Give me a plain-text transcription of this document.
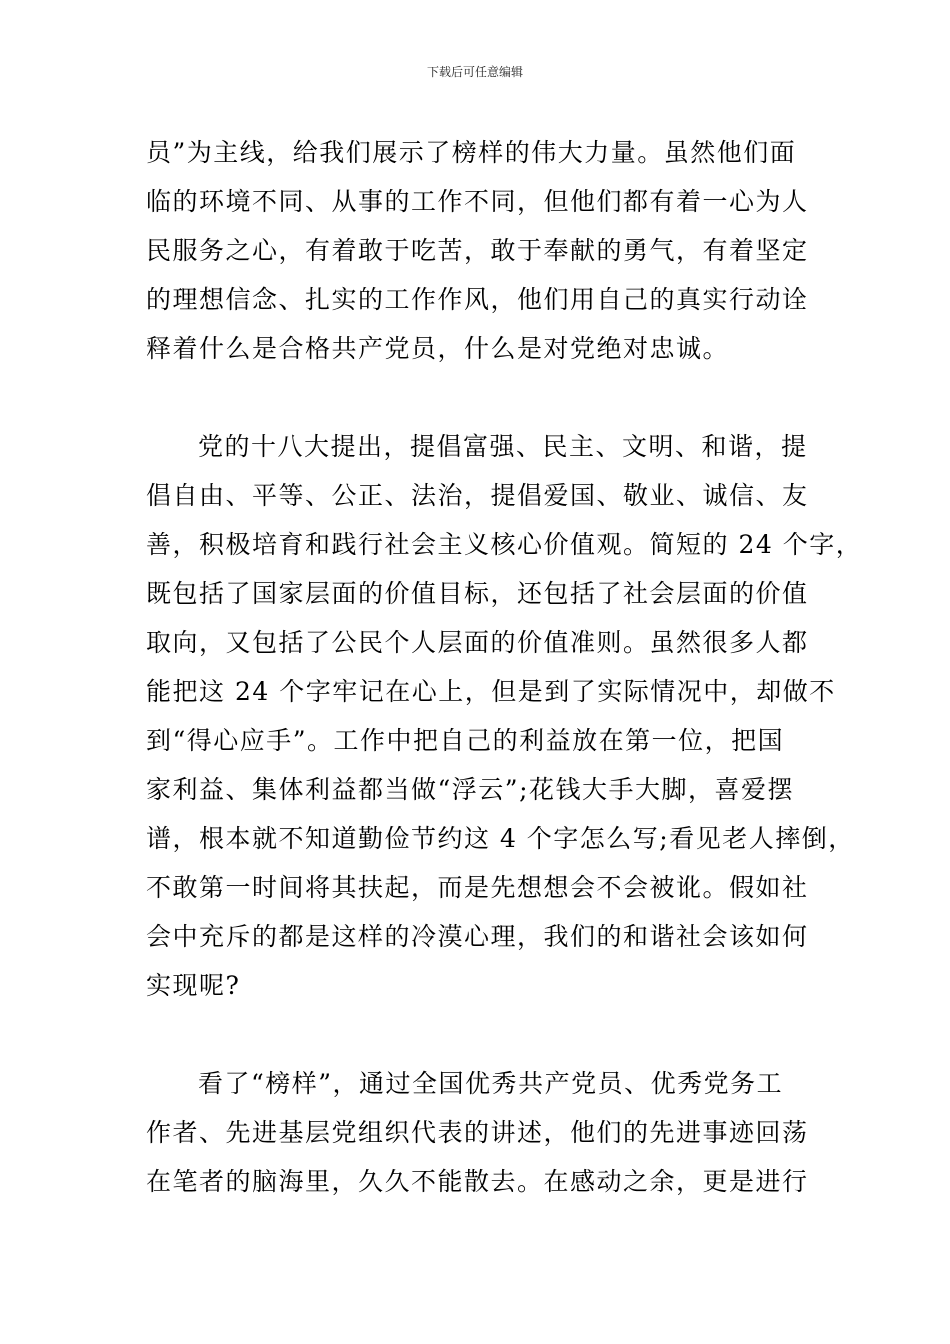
下载后可任意编辑
员”为主线，给我们展示了榜样的伟大力量。虽然他们面
临的环境不同、从事的工作不同，但他们都有着一心为人
民服务之心，有着敢于吃苦，敢于奉献的勇气，有着坚定
的理想信念、扎实的工作作风，他们用自己的真实行动诠
释着什么是合格共产党员，什么是对党绝对忠诚。
党的十八大提出，提倡富强、民主、文明、和谐，提
倡自由、平等、公正、法治，提倡爱国、敬业、诚信、友
善，积极培育和践行社会主义核心价值观。简短的 24 个字，
既包括了国家层面的价值目标，还包括了社会层面的价值
取向，又包括了公民个人层面的价值准则。虽然很多人都
能把这 24 个字牢记在心上，但是到了实际情况中，却做不
到“得心应手”。工作中把自己的利益放在第一位，把国
家利益、集体利益都当做“浮云”;花钱大手大脚，喜爱摆
谱，根本就不知道勤俭节约这 4 个字怎么写;看见老人摔倒，
不敢第一时间将其扶起，而是先想想会不会被讹。假如社
会中充斥的都是这样的冷漠心理，我们的和谐社会该如何
实现呢?
看了“榜样”，通过全国优秀共产党员、优秀党务工
作者、先进基层党组织代表的讲述，他们的先进事迹回荡
在笔者的脑海里，久久不能散去。在感动之余，更是进行
